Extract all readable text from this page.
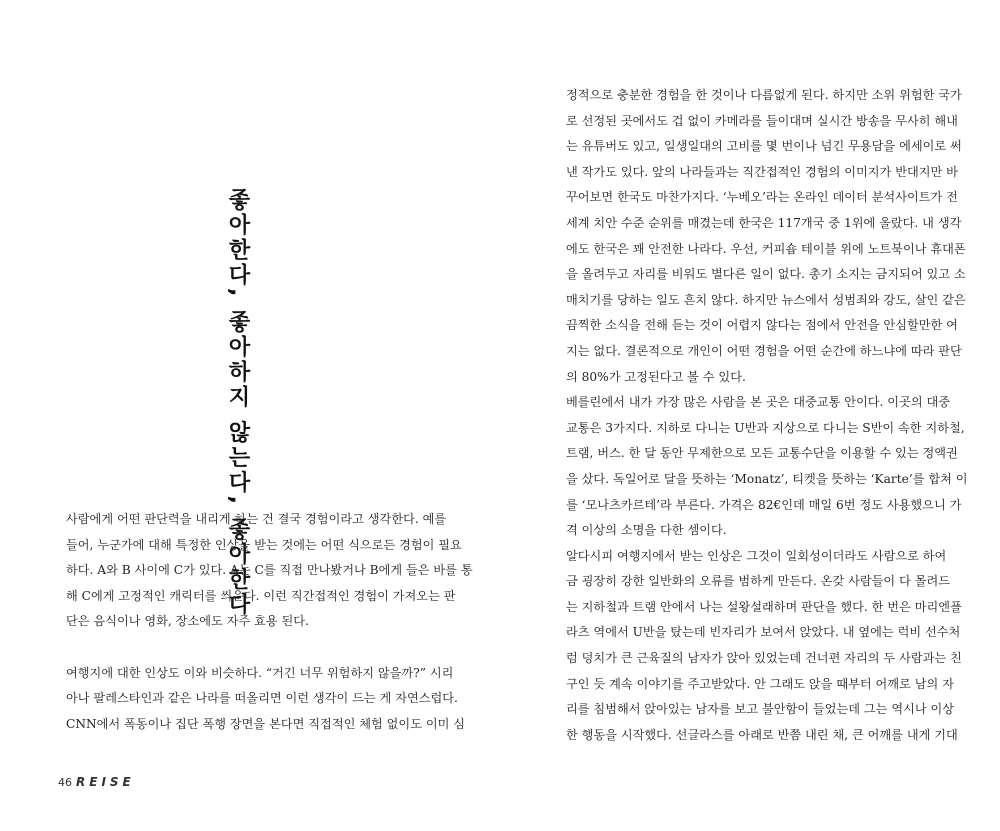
좋아한다, 좋아하지 않는다, 좋아한다

사람에게 어떤 판단력을 내리게 하는 건 결국 경험이라고 생각한다. 예를
들어, 누군가에 대해 특정한 인상을 받는 것에는 어떤 식으로든 경험이 필요
하다. A와 B 사이에 C가 있다. A는 C를 직접 만나봤거나 B에게 들은 바를 통
해 C에게 고정적인 캐릭터를 씌운다. 이런 직간접적인 경험이 가져오는 판
단은 음식이나 영화, 장소에도 자주 효용 된다.

여행지에 대한 인상도 이와 비슷하다. “거긴 너무 위험하지 않을까?” 시리
아나 팔레스타인과 같은 나라를 떠올리면 이런 생각이 드는 게 자연스럽다.
CNN에서 폭동이나 집단 폭행 장면을 본다면 직접적인 체험 없이도 이미 심

정적으로 충분한 경험을 한 것이나 다름없게 된다. 하지만 소위 위험한 국가
로 선정된 곳에서도 겁 없이 카메라를 들이대며 실시간 방송을 무사히 해내
는 유튜버도 있고, 일생일대의 고비를 몇 번이나 넘긴 무용담을 에세이로 써
낸 작가도 있다. 앞의 나라들과는 직간접적인 경험의 이미지가 반대지만 바
꾸어보면 한국도 마찬가지다. ‘누베오’라는 온라인 데이터 분석사이트가 전
세계 치안 수준 순위를 매겼는데 한국은 117개국 중 1위에 올랐다. 내 생각
에도 한국은 꽤 안전한 나라다. 우선, 커피숍 테이블 위에 노트북이나 휴대폰
을 올려두고 자리를 비워도 별다른 일이 없다. 총기 소지는 금지되어 있고 소
매치기를 당하는 일도 흔치 않다. 하지만 뉴스에서 성범죄와 강도, 살인 같은
끔찍한 소식을 전해 듣는 것이 어렵지 않다는 점에서 안전을 안심할만한 여
지는 없다. 결론적으로 개인이 어떤 경험을 어떤 순간에 하느냐에 따라 판단
의 80%가 고정된다고 볼 수 있다.

베를린에서 내가 가장 많은 사람을 본 곳은 대중교통 안이다. 이곳의 대중
교통은 3가지다. 지하로 다니는 U반과 지상으로 다니는 S반이 속한 지하철,
트램, 버스. 한 달 동안 무제한으로 모든 교통수단을 이용할 수 있는 정액권
을 샀다. 독일어로 달을 뜻하는 ‘Monatz’, 티켓을 뜻하는 ‘Karte’를 합쳐 이
를 ‘모나츠카르테’라 부른다. 가격은 82€인데 매일 6번 정도 사용했으니 가
격 이상의 소명을 다한 셈이다.

알다시피 여행지에서 받는 인상은 그것이 일회성이더라도 사람으로 하여
금 굉장히 강한 일반화의 오류를 범하게 만든다. 온갖 사람들이 다 몰려드
는 지하철과 트램 안에서 나는 설왕설래하며 판단을 했다. 한 번은 마리엔플
라츠 역에서 U반을 탔는데 빈자리가 보여서 앉았다. 내 옆에는 럭비 선수처
럼 덩치가 큰 근육질의 남자가 앉아 있었는데 건너편 자리의 두 사람과는 친
구인 듯 계속 이야기를 주고받았다. 안 그래도 앉을 때부터 어깨로 남의 자
리를 침범해서 앉아있는 남자를 보고 불안함이 들었는데 그는 역시나 이상
한 행동을 시작했다. 선글라스를 아래로 반쯤 내린 채, 큰 어깨를 내게 기대

46 REISE
